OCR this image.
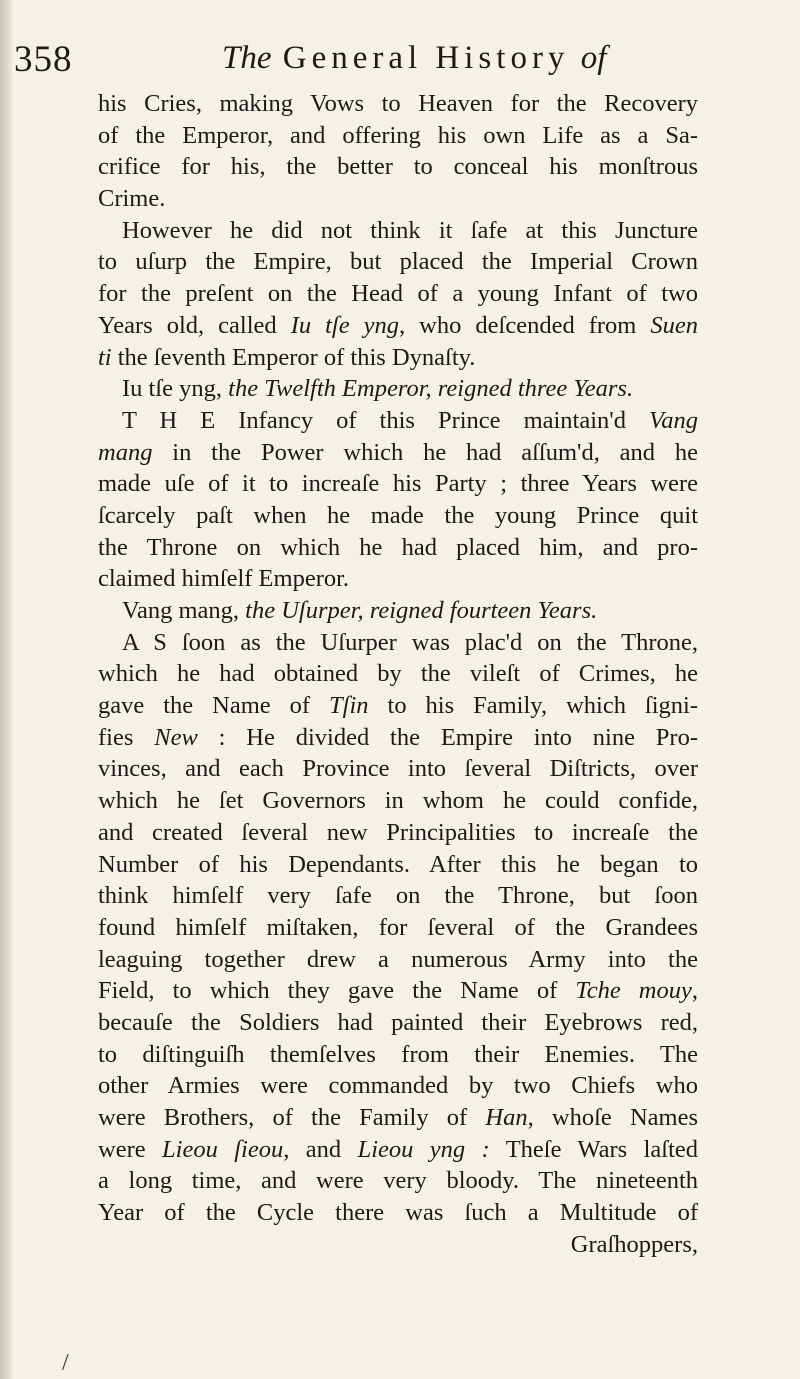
358	The General History of
his Cries, making Vows to Heaven for the Recovery
of the Emperor, and offering his own Life as a Sa-
crifice for his, the better to conceal his monſtrous
Crime.
However he did not think it ſafe at this Juncture
to uſurp the Empire, but placed the Imperial Crown
for the preſent on the Head of a young Infant of two
Years old, called Iu tſe yng, who deſcended from Suen
ti the ſeventh Emperor of this Dynaſty.
Iu tſe yng, the Twelfth Emperor, reigned three Years.
T H E Infancy of this Prince maintain'd Vang
mang in the Power which he had aſſum'd, and he
made uſe of it to increaſe his Party ; three Years were
ſcarcely paſt when he made the young Prince quit
the Throne on which he had placed him, and pro-
claimed himſelf Emperor.
Vang mang, the Uſurper, reigned fourteen Years.
A S ſoon as the Uſurper was plac'd on the Throne,
which he had obtained by the vileſt of Crimes, he
gave the Name of Tſin to his Family, which ſigni-
fies New : He divided the Empire into nine Pro-
vinces, and each Province into ſeveral Diſtricts, over
which he ſet Governors in whom he could confide,
and created ſeveral new Principalities to increaſe the
Number of his Dependants. After this he began to
think himſelf very ſafe on the Throne, but ſoon
found himſelf miſtaken, for ſeveral of the Grandees
leaguing together drew a numerous Army into the
Field, to which they gave the Name of Tche mouy,
becauſe the Soldiers had painted their Eyebrows red,
to diſtinguiſh themſelves from their Enemies. The
other Armies were commanded by two Chiefs who
were Brothers, of the Family of Han, whoſe Names
were Lieou ſieou, and Lieou yng : Theſe Wars laſted
a long time, and were very bloody. The nineteenth
Year of the Cycle there was ſuch a Multitude of
Graſhoppers,
/
